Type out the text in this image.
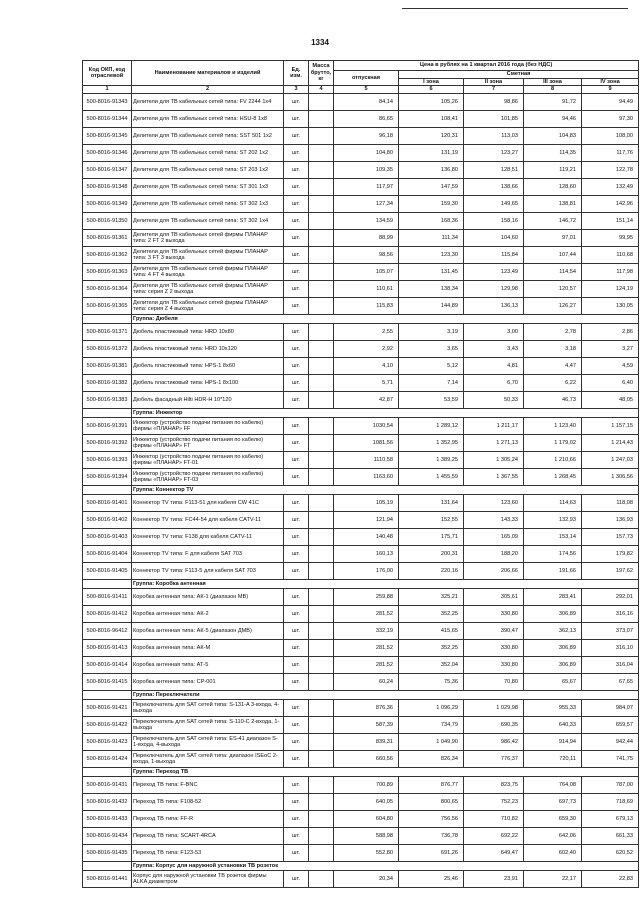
1334
Код ОКП, код отраслевой	Наименование материалов и изделий	Ед. изм.	Масса брутто, кг	Цена в рублях на 1 квартал 2016 года (без НДС)				
				отпускная	Сметная			
					I зона	II зона	III зона	IV зона
1	2	3	4	5	6	7	8	9
500-8016-91343	Делители для ТВ кабельных сетей типа: FV 2244 1х4	шт.		84,14	105,26	98,86	91,72	94,49
500-8016-91344	Делители для ТВ кабельных сетей типа: HSU-8 1х8	шт.		86,65	108,41	101,85	94,46	97,30
500-8016-91345	Делители для ТВ кабельных сетей типа: SST 501 1х2	шт.		96,18	120,31	113,03	104,83	108,00
500-8016-91346	Делители для ТВ кабельных сетей типа: ST 202 1х2	шт.		104,80	131,19	123,27	114,35	117,76
500-8016-91347	Делители для ТВ кабельных сетей типа: ST 203 1х2	шт.		109,35	136,80	128,51	119,21	122,78
500-8016-91348	Делители для ТВ кабельных сетей типа: ST 301 1х3	шт.		117,97	147,59	138,66	128,60	132,49
500-8016-91349	Делители для ТВ кабельных сетей типа: ST 302 1х3	шт.		127,34	159,30	149,65	138,81	142,96
500-8016-91350	Делители для ТВ кабельных сетей типа: ST 302 1х4	шт.		134,59	168,36	158,16	146,72	151,14
500-8016-91361	Делители для ТВ кабельных сетей фирмы ПЛАНАР типа: 2 FT 2 выхода	шт.		88,99	111,34	104,60	97,01	99,95
500-8016-91362	Делители для ТВ кабельных сетей фирмы ПЛАНАР типа: 3 FT 3 выхода	шт.		98,56	123,30	115,84	107,44	110,68
500-8016-91363	Делители для ТВ кабельных сетей фирмы ПЛАНАР типа: 4 FT 4 выхода	шт.		105,07	131,45	123,49	114,54	117,98
500-8016-91364	Делители для ТВ кабельных сетей фирмы ПЛАНАР типа: серия Z 2 выхода	шт.		110,61	138,34	129,98	120,57	124,19
500-8016-91365	Делители для ТВ кабельных сетей фирмы ПЛАНАР типа: серия Z 4 выхода	шт.		115,83	144,89	136,13	126,27	130,05
	Группа: Дюбеля							
500-8016-91371	Дюбель пластиковый типа: HRD 10х80	шт.		2,55	3,19	3,00	2,78	2,86
500-8016-91372	Дюбель пластиковый типа: HRD 10х120	шт.		2,92	3,65	3,43	3,18	3,27
500-8016-91381	Дюбель пластиковый типа: HPS-1 8х60	шт.		4,10	5,12	4,81	4,47	4,59
500-8016-91382	Дюбель пластиковый типа: HPS-1 8х100	шт.		5,71	7,14	6,70	6,22	6,40
500-8016-91383	Дюбель фасадный Hilti HDR-H 10*120	шт.		42,87	53,59	50,33	46,73	48,05
	Группа: Инжектор							
500-8016-91391	Инжектор (устройство подачи питания по кабелю) фирмы «ПЛАНАР» FF	шт.		1030,54	1 289,12	1 211,17	1 123,40	1 157,15
500-8016-91392	Инжектор (устройство подачи питания по кабелю) фирмы «ПЛАНАР» FT	шт.		1081,56	1 352,95	1 271,13	1 179,02	1 214,43
500-8016-91393	Инжектор (устройство подачи питания по кабелю) фирмы «ПЛАНАР» FT-01	шт.		1110,58	1 389,25	1 305,24	1 210,66	1 247,03
500-8016-91394	Инжектор (устройство подачи питания по кабелю) фирмы «ПЛАНАР» FT-03	шт.		1163,60	1 455,59	1 367,55	1 268,45	1 306,56
	Группа: Коннектор TV							
500-8016-91401	Коннектор TV типа: F113-51 для кабеля CW 41C	шт.		105,19	131,64	123,60	114,63	118,08
500-8016-91402	Коннектор TV типа: FC44-54 для кабеля CATV-11	шт.		121,94	152,55	143,33	132,93	136,93
500-8016-91403	Коннектор TV типа: F138 для кабеля CATV-11	шт.		140,48	175,71	165,09	153,14	157,73
500-8016-91404	Коннектор TV типа: F для кабеля SAT 703	шт.		160,13	200,31	188,20	174,56	179,82
500-8016-91405	Коннектор TV типа: F113-5 для кабеля SAT 703	шт.		176,00	220,16	206,66	191,66	197,62
	Группа: Коробка антенная							
500-8016-91411	Коробка антенная типа: АК-1 (диапазон МВ)	шт.		259,88	325,21	305,61	283,41	292,01
500-8016-91412	Коробка антенная типа: АК-2	шт.		281,52	352,25	330,80	306,89	316,16
500-8016-96412	Коробка антенная типа: АК-5 (диапазон ДМВ)	шт.		332,19	415,65	390,47	362,13	373,07
500-8016-91413	Коробка антенная типа: АК-М	шт.		281,52	352,25	330,80	306,89	316,10
500-8016-91414	Коробка антенная типа: АТ-5	шт.		281,52	352,04	330,80	306,89	316,04
500-8016-91415	Коробка антенная типа: СР-001	шт.		60,24	75,36	70,80	65,67	67,65
	Группа: Переключатели							
500-8016-91421	Переключатель для SAT сетей типа: S-131-A 3-входа, 4-выхода	шт.		876,36	1 096,29	1 029,98	955,33	984,07
500-8016-91422	Переключатель для SAT сетей типа: S-110-C 2-входа, 1-выхода	шт.		587,39	734,79	690,35	640,33	659,57
500-8016-91423	Переключатель для SAT сетей типа: ES-41 диапазон S-1-входа, 4-выхода	шт.		839,31	1 049,90	986,42	914,94	942,44
500-8016-91424	Переключатель для SAT сетей типа: диапазон ISEoC 2-входа, 1-выхода	шт.		660,56	826,34	776,37	720,11	741,75
	Группа: Переход ТВ							
500-8016-91431	Переход ТВ типа: F-BNC	шт.		700,89	876,77	823,75	764,08	787,00
500-8016-91432	Переход ТВ типа: F108-52	шт.		640,05	800,65	752,23	697,73	718,69
500-8016-91433	Переход ТВ типа: FF-R	шт.		604,80	756,56	710,82	659,30	679,13
500-8016-91434	Переход ТВ типа: SCART-4RCA	шт.		588,98	736,78	692,22	642,06	661,33
500-8016-91435	Переход ТВ типа: F123-53	шт.		552,80	691,26	649,47	602,40	620,52
	Группа: Корпус для наружной установки ТВ розеток							
500-8016-91441	Корпус для наружной установки ТВ розеток фирмы ALKA диаметром	шт.		20,34	25,46	23,91	22,17	22,83
